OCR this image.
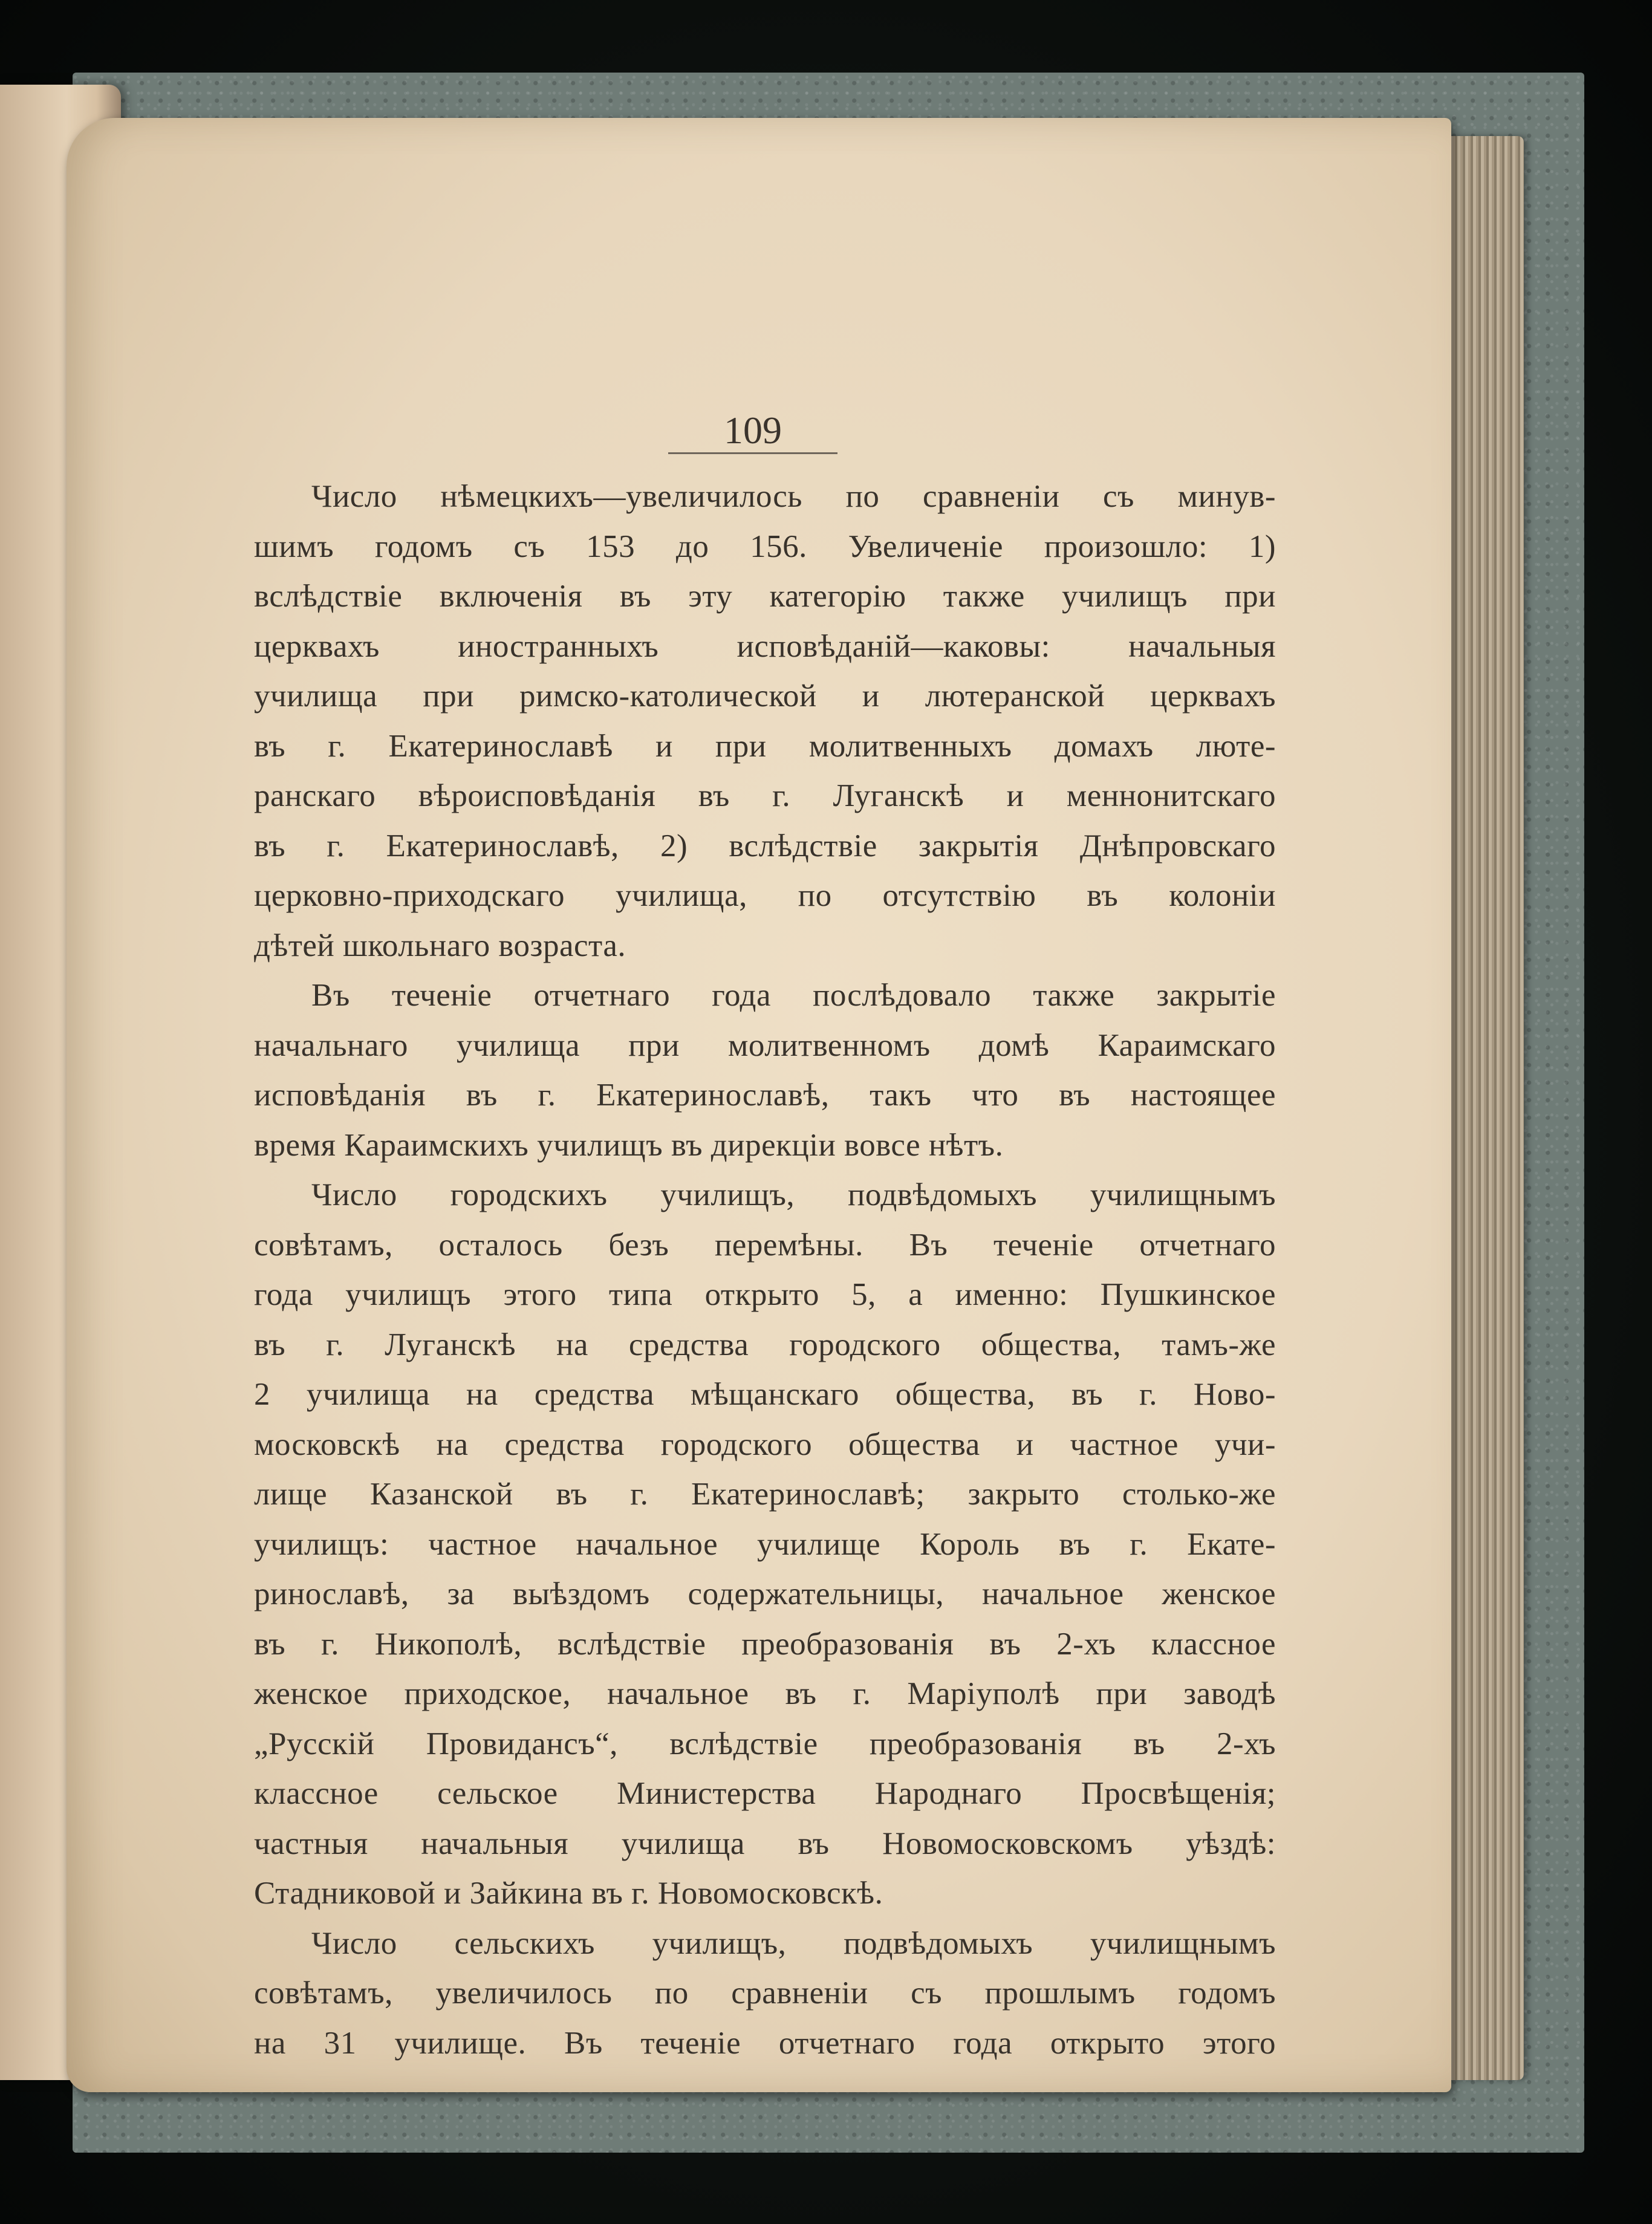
109
Число нѣмецкихъ—увеличилось по сравненіи съ минув-
шимъ годомъ съ 153 до 156. Увеличеніе произошло: 1)
вслѣдствіе включенія въ эту категорію также училищъ при
церквахъ иностранныхъ исповѣданій—каковы: начальныя
училища при римско-католической и лютеранской церквахъ
въ г. Екатеринославѣ и при молитвенныхъ домахъ люте-
ранскаго вѣроисповѣданія въ г. Луганскѣ и меннонитскаго
въ г. Екатеринославѣ, 2) вслѣдствіе закрытія Днѣпровскаго
церковно-приходскаго училища, по отсутствію въ колоніи
дѣтей школьнаго возраста.
Въ теченіе отчетнаго года послѣдовало также закрытіе
начальнаго училища при молитвенномъ домѣ Караимскаго
исповѣданія въ г. Екатеринославѣ, такъ что въ настоящее
время Караимскихъ училищъ въ дирекціи вовсе нѣтъ.
Число городскихъ училищъ, подвѣдомыхъ училищнымъ
совѣтамъ, осталось безъ перемѣны. Въ теченіе отчетнаго
года училищъ этого типа открыто 5, а именно: Пушкинское
въ г. Луганскѣ на средства городского общества, тамъ-же
2 училища на средства мѣщанскаго общества, въ г. Ново-
московскѣ на средства городского общества и частное учи-
лище Казанской въ г. Екатеринославѣ; закрыто столько-же
училищъ: частное начальное училище Король въ г. Екате-
ринославѣ, за выѣздомъ содержательницы, начальное женское
въ г. Никополѣ, вслѣдствіе преобразованія въ 2-хъ классное
женское приходское, начальное въ г. Маріуполѣ при заводѣ
„Русскій Провидансъ“, вслѣдствіе преобразованія въ 2-хъ
классное сельское Министерства Народнаго Просвѣщенія;
частныя начальныя училища въ Новомосковскомъ уѣздѣ:
Стадниковой и Зайкина въ г. Новомосковскѣ.
Число сельскихъ училищъ, подвѣдомыхъ училищнымъ
совѣтамъ, увеличилось по сравненіи съ прошлымъ годомъ
на 31 училище. Въ теченіе отчетнаго года открыто этого
